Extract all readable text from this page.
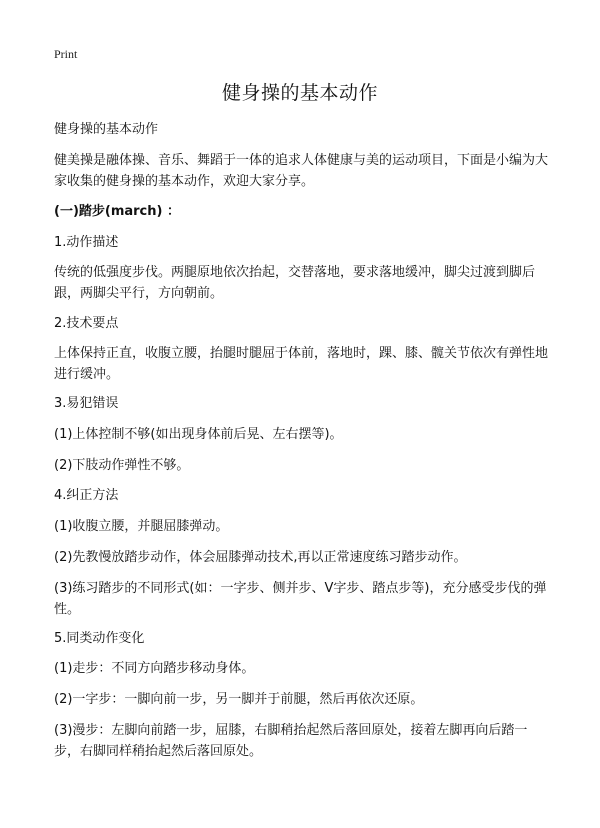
Print
健身操的基本动作

健身操的基本动作

健美操是融体操、音乐、舞蹈于一体的追求人体健康与美的运动项目，下面是小编为大家收集的健身操的基本动作，欢迎大家分享。

(一)踏步(march) ：

1.动作描述

传统的低强度步伐。两腿原地依次抬起，交替落地，要求落地缓冲，脚尖过渡到脚后跟，两脚尖平行，方向朝前。

2.技术要点

上体保持正直，收腹立腰，抬腿时腿屈于体前，落地时，踝、膝、髋关节依次有弹性地进行缓冲。

3.易犯错误

(1)上体控制不够(如出现身体前后晃、左右摆等)。

(2)下肢动作弹性不够。

4.纠正方法

(1)收腹立腰，并腿屈膝弹动。

(2)先教慢放踏步动作，体会屈膝弹动技术,再以正常速度练习踏步动作。

(3)练习踏步的不同形式(如：一字步、侧并步、V字步、踏点步等)，充分感受步伐的弹性。

5.同类动作变化

(1)走步：不同方向踏步移动身体。

(2)一字步：一脚向前一步，另一脚并于前腿，然后再依次还原。

(3)漫步：左脚向前踏一步，屈膝，右脚稍抬起然后落回原处，接着左脚再向后踏一步，右脚同样稍抬起然后落回原处。
